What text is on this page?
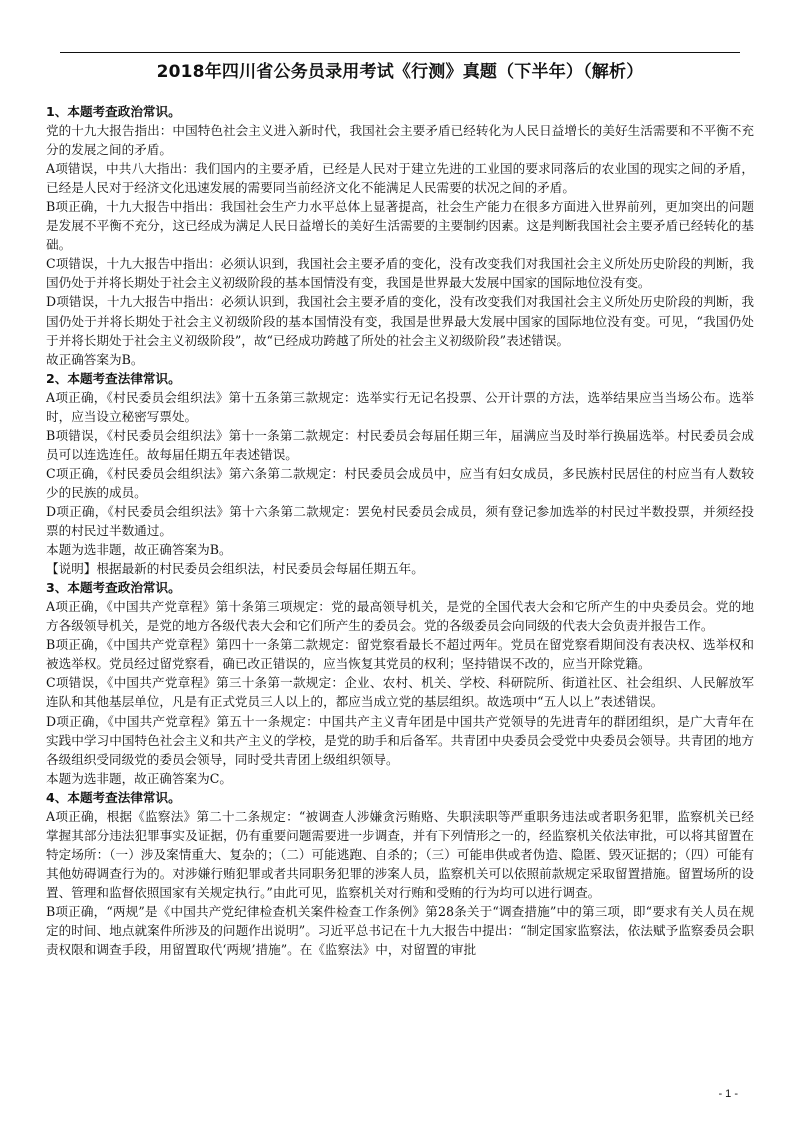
2018年四川省公务员录用考试《行测》真题（下半年）（解析）

1、本题考查政治常识。

党的十九大报告指出：中国特色社会主义进入新时代，我国社会主要矛盾已经转化为人民日益增长的美好生活需要和不平衡不充分的发展之间的矛盾。

A项错误，中共八大指出：我们国内的主要矛盾，已经是人民对于建立先进的工业国的要求同落后的农业国的现实之间的矛盾，已经是人民对于经济文化迅速发展的需要同当前经济文化不能满足人民需要的状况之间的矛盾。

B项正确，十九大报告中指出：我国社会生产力水平总体上显著提高，社会生产能力在很多方面进入世界前列，更加突出的问题是发展不平衡不充分，这已经成为满足人民日益增长的美好生活需要的主要制约因素。这是判断我国社会主要矛盾已经转化的基础。

C项错误，十九大报告中指出：必须认识到，我国社会主要矛盾的变化，没有改变我们对我国社会主义所处历史阶段的判断，我国仍处于并将长期处于社会主义初级阶段的基本国情没有变，我国是世界最大发展中国家的国际地位没有变。

D项错误，十九大报告中指出：必须认识到，我国社会主要矛盾的变化，没有改变我们对我国社会主义所处历史阶段的判断，我国仍处于并将长期处于社会主义初级阶段的基本国情没有变，我国是世界最大发展中国家的国际地位没有变。可见，“我国仍处于并将长期处于社会主义初级阶段”，故“已经成功跨越了所处的社会主义初级阶段”表述错误。

故正确答案为B。

2、本题考查法律常识。

A项正确，《村民委员会组织法》第十五条第三款规定：选举实行无记名投票、公开计票的方法，选举结果应当当场公布。选举时，应当设立秘密写票处。

B项错误，《村民委员会组织法》第十一条第二款规定：村民委员会每届任期三年，届满应当及时举行换届选举。村民委员会成员可以连选连任。故每届任期五年表述错误。

C项正确，《村民委员会组织法》第六条第二款规定：村民委员会成员中，应当有妇女成员，多民族村民居住的村应当有人数较少的民族的成员。

D项正确，《村民委员会组织法》第十六条第二款规定：罢免村民委员会成员，须有登记参加选举的村民过半数投票，并须经投票的村民过半数通过。

本题为选非题，故正确答案为B。

【说明】根据最新的村民委员会组织法，村民委员会每届任期五年。

3、本题考查政治常识。

A项正确，《中国共产党章程》第十条第三项规定：党的最高领导机关，是党的全国代表大会和它所产生的中央委员会。党的地方各级领导机关，是党的地方各级代表大会和它们所产生的委员会。党的各级委员会向同级的代表大会负责并报告工作。

B项正确，《中国共产党章程》第四十一条第二款规定：留党察看最长不超过两年。党员在留党察看期间没有表决权、选举权和被选举权。党员经过留党察看，确已改正错误的，应当恢复其党员的权利；坚持错误不改的，应当开除党籍。

C项错误，《中国共产党章程》第三十条第一款规定：企业、农村、机关、学校、科研院所、街道社区、社会组织、人民解放军连队和其他基层单位，凡是有正式党员三人以上的，都应当成立党的基层组织。故选项中“五人以上”表述错误。

D项正确，《中国共产党章程》第五十一条规定：中国共产主义青年团是中国共产党领导的先进青年的群团组织，是广大青年在实践中学习中国特色社会主义和共产主义的学校，是党的助手和后备军。共青团中央委员会受党中央委员会领导。共青团的地方各级组织受同级党的委员会领导，同时受共青团上级组织领导。

本题为选非题，故正确答案为C。

4、本题考查法律常识。

A项正确，根据《监察法》第二十二条规定：“被调查人涉嫌贪污贿赂、失职渎职等严重职务违法或者职务犯罪，监察机关已经掌握其部分违法犯罪事实及证据，仍有重要问题需要进一步调查，并有下列情形之一的，经监察机关依法审批，可以将其留置在特定场所：（一）涉及案情重大、复杂的；（二）可能逃跑、自杀的；（三）可能串供或者伪造、隐匿、毁灭证据的；（四）可能有其他妨碍调查行为的。对涉嫌行贿犯罪或者共同职务犯罪的涉案人员，监察机关可以依照前款规定采取留置措施。留置场所的设置、管理和监督依照国家有关规定执行。”由此可见，监察机关对行贿和受贿的行为均可以进行调查。

B项正确，“两规”是《中国共产党纪律检查机关案件检查工作条例》第28条关于“调查措施”中的第三项，即“要求有关人员在规定的时间、地点就案件所涉及的问题作出说明”。习近平总书记在十九大报告中提出：“制定国家监察法，依法赋予监察委员会职责权限和调查手段，用留置取代‘两规’措施”。在《监察法》中，对留置的审批

- 1 -
